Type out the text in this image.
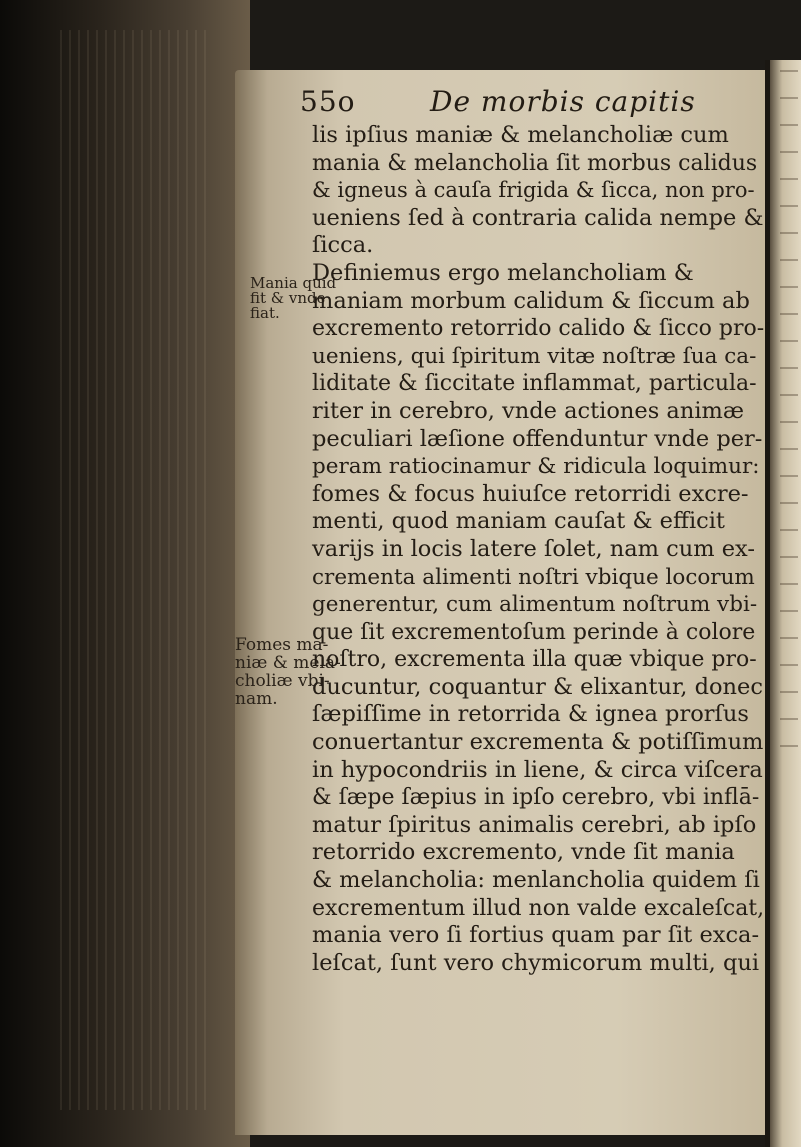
55o	De morbis capitis
Mania quid
fit & vnde
fiat.
Fomes ma-
niæ & melá-
choliæ vbi-
nam.
lis ipſius maniæ & melancholiæ cum
mania & melancholia ſit morbus calidus
& igneus à cauſa frigida & ſicca, non pro-
ueniens ſed à contraria calida nempe &
ſicca.
Definiemus ergo melancholiam &
maniam morbum calidum & ſiccum ab
excremento retorrido calido & ſicco pro-
ueniens, qui ſpiritum vitæ noſtræ ſua ca-
liditate & ſiccitate inflammat, particula-
riter in cerebro, vnde actiones animæ
peculiari læſione offenduntur vnde per-
peram ratiocinamur & ridicula loquimur:
fomes & focus huiuſce retorridi excre-
menti, quod maniam cauſat & efficit
varijs in locis latere ſolet, nam cum ex-
crementa alimenti noſtri vbique locorum
generentur, cum alimentum noſtrum vbi-
que ſit excrementoſum perinde à colore
noſtro, excrementa illa quæ vbique pro-
ducuntur, coquantur & elixantur, donec
ſæpiſſime in retorrida & ignea prorſus
conuertantur excrementa & potiſſimum
in hypocondriis in liene, & circa viſcera
& ſæpe ſæpius in ipſo cerebro, vbi inflā-
matur ſpiritus animalis cerebri, ab ipſo
retorrido excremento, vnde ſit mania
& melancholia: menlancholia quidem ſi
excrementum illud non valde excaleſcat,
mania vero ſi fortius quam par ſit exca-
leſcat, ſunt vero chymicorum multi, qui
